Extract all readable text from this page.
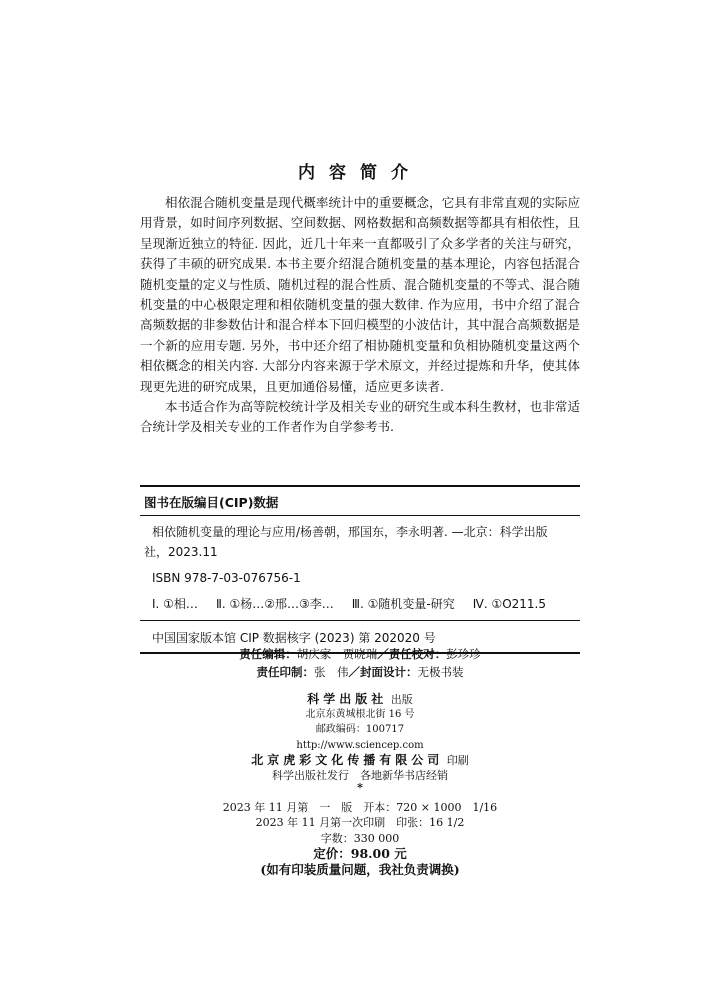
内容简介

相依混合随机变量是现代概率统计中的重要概念，它具有非常直观的实际应用背景，如时间序列数据、空间数据、网格数据和高频数据等都具有相依性，且呈现渐近独立的特征. 因此，近几十年来一直都吸引了众多学者的关注与研究，获得了丰硕的研究成果. 本书主要介绍混合随机变量的基本理论，内容包括混合随机变量的定义与性质、随机过程的混合性质、混合随机变量的不等式、混合随机变量的中心极限定理和相依随机变量的强大数律. 作为应用，书中介绍了混合高频数据的非参数估计和混合样本下回归模型的小波估计，其中混合高频数据是一个新的应用专题. 另外，书中还介绍了相协随机变量和负相协随机变量这两个相依概念的相关内容. 大部分内容来源于学术原文，并经过提炼和升华，使其体现更先进的研究成果，且更加通俗易懂，适应更多读者.

本书适合作为高等院校统计学及相关专业的研究生或本科生教材，也非常适合统计学及相关专业的工作者作为自学参考书.

图书在版编目(CIP)数据
相依随机变量的理论与应用/杨善朝，邢国东，李永明著. —北京：科学出版
社，2023.11
ISBN 978-7-03-076756-1
Ⅰ. ①相… Ⅱ. ①杨…②邢…③李… Ⅲ. ①随机变量-研究 Ⅳ. ①O211.5
中国国家版本馆 CIP 数据核字 (2023) 第 202020 号
责任编辑：胡庆家　贾晓瑞／责任校对：彭珍珍
责任印制：张　伟／封面设计：无极书装
科学出版社 出版
北京东黄城根北街 16 号
邮政编码：100717
http://www.sciencep.com
北京虎彩文化传播有限公司 印刷
科学出版社发行　各地新华书店经销
*
2023 年 11 月第　一　版　开本：720 × 1000　1/16
2023 年 11 月第一次印刷　印张：16 1/2
字数：330 000
定价：98.00 元
(如有印装质量问题，我社负责调换)
